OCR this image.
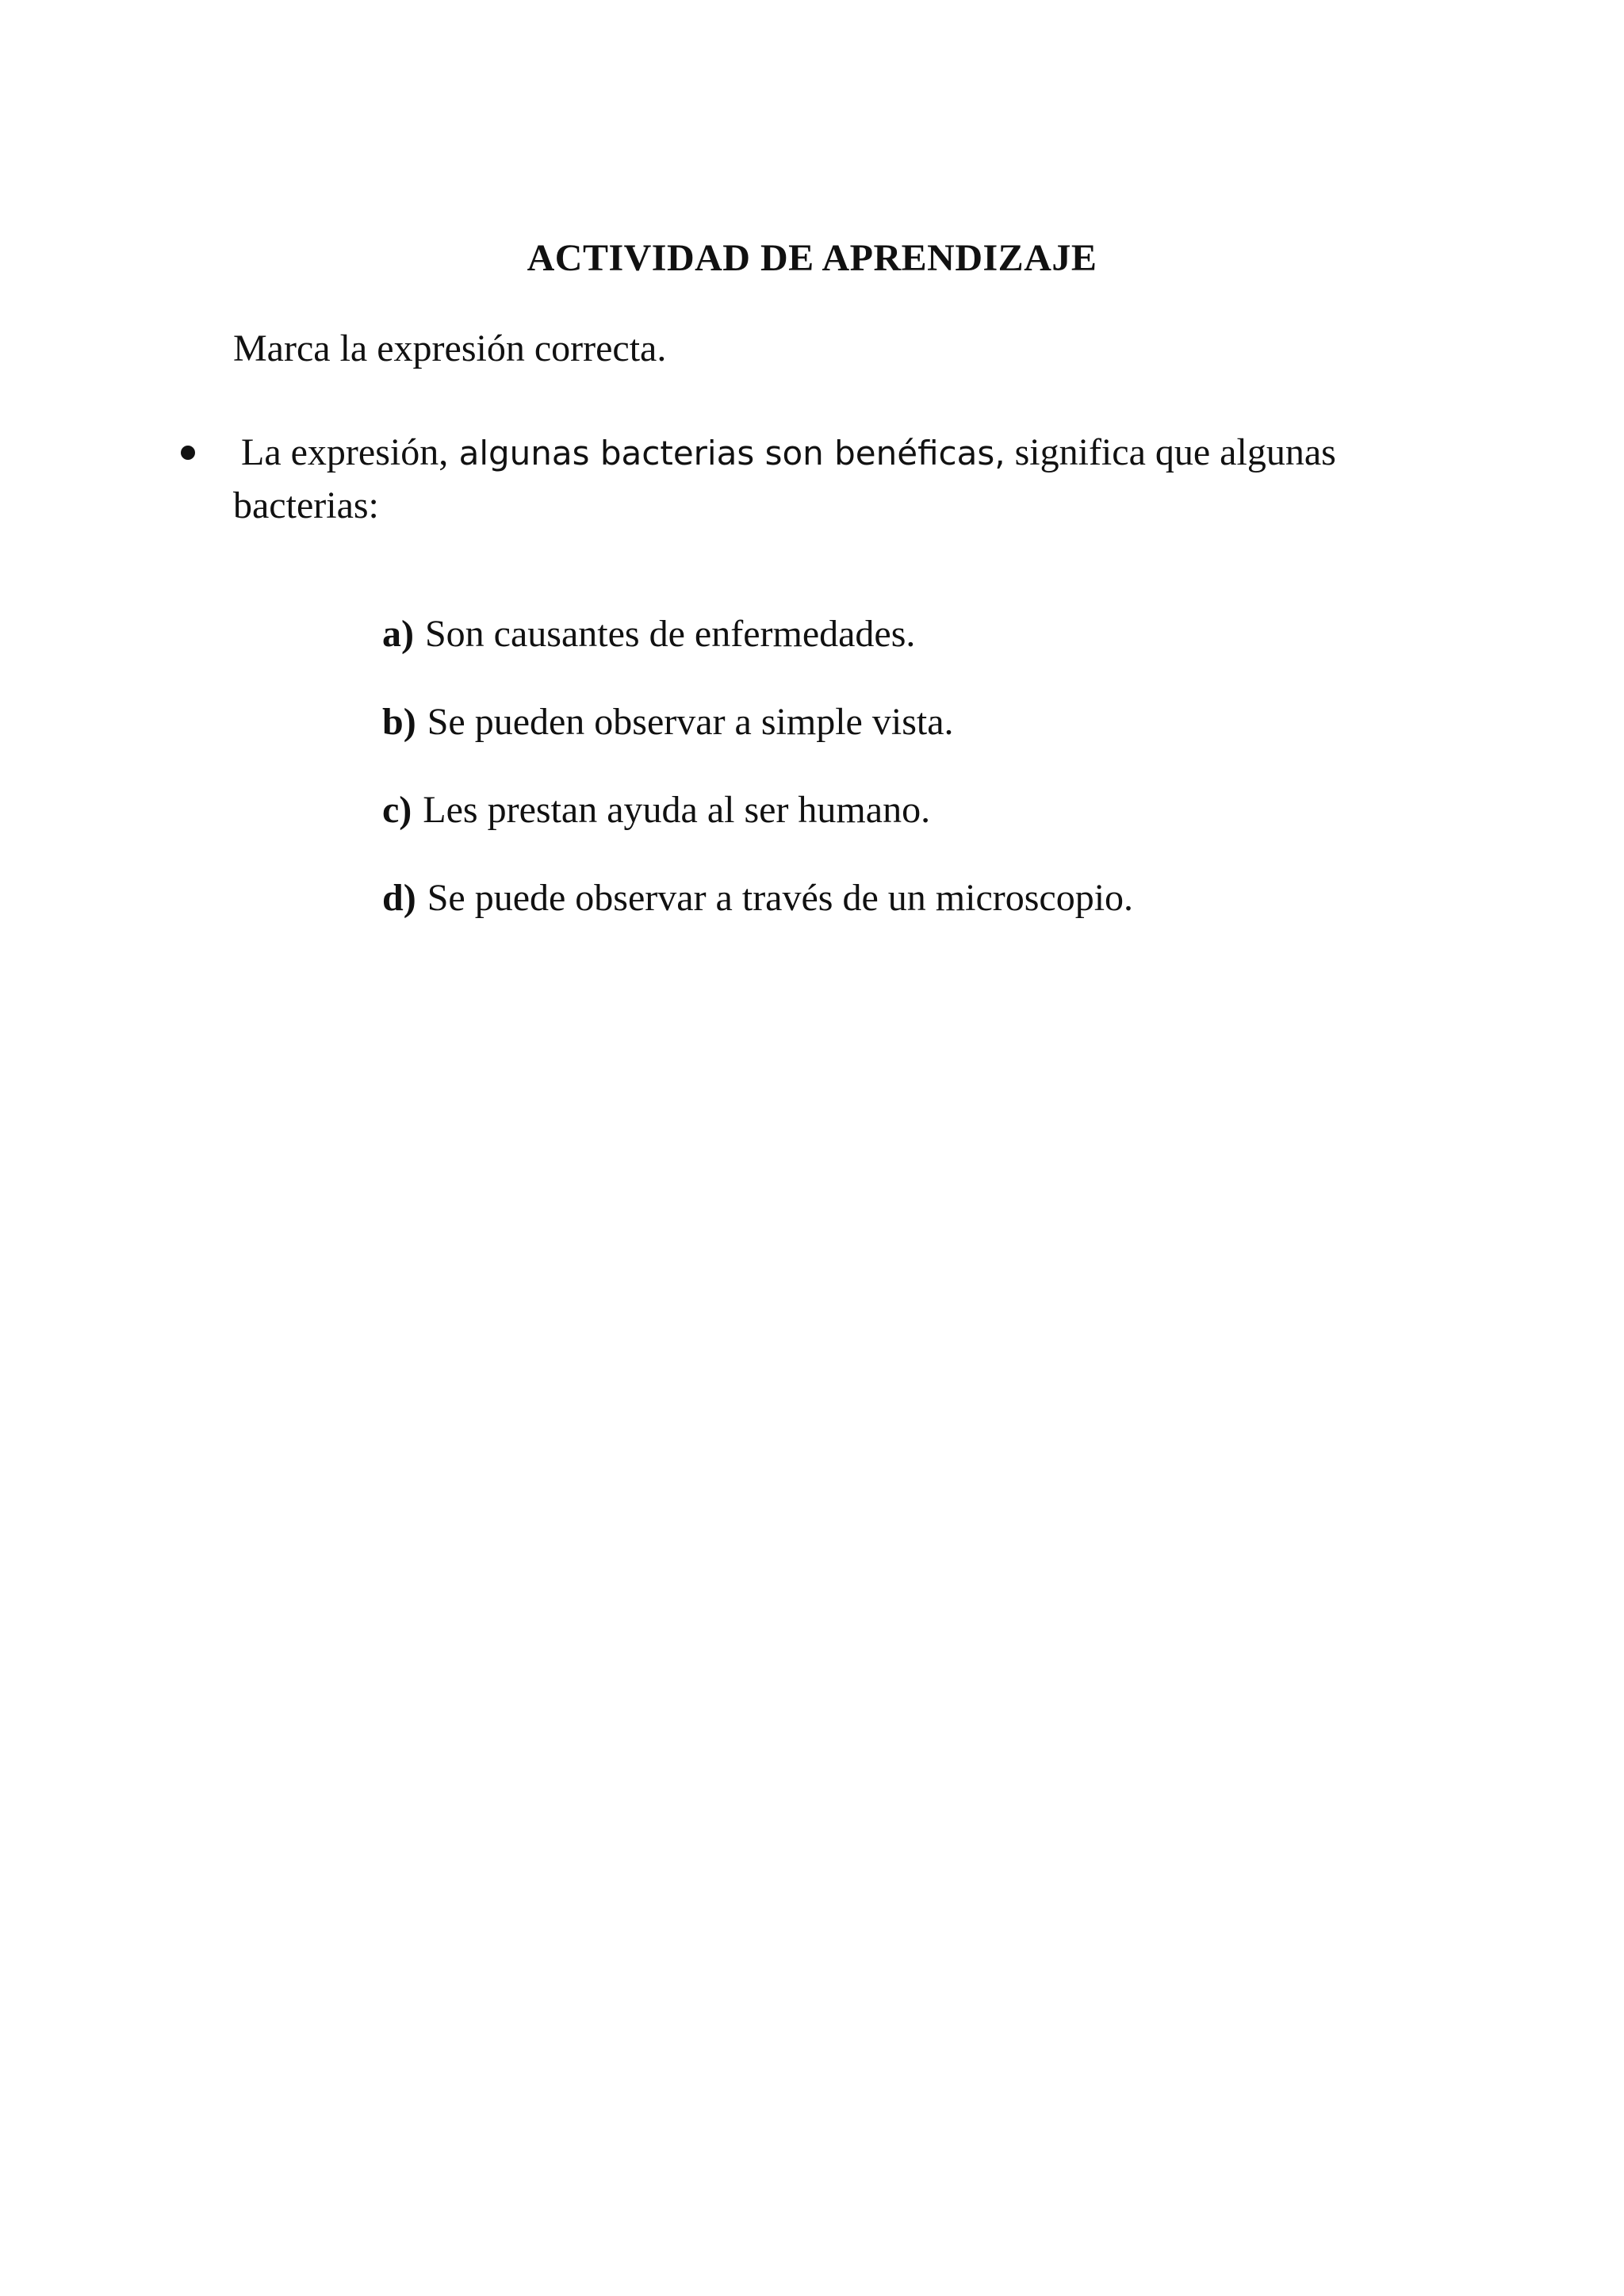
ACTIVIDAD DE APRENDIZAJE
Marca la expresión correcta.
La expresión, algunas bacterias son benéficas, significa que algunas bacterias:
a) Son causantes de enfermedades.
b) Se pueden observar a simple vista.
c) Les prestan ayuda al ser humano.
d) Se puede observar a través de un microscopio.
